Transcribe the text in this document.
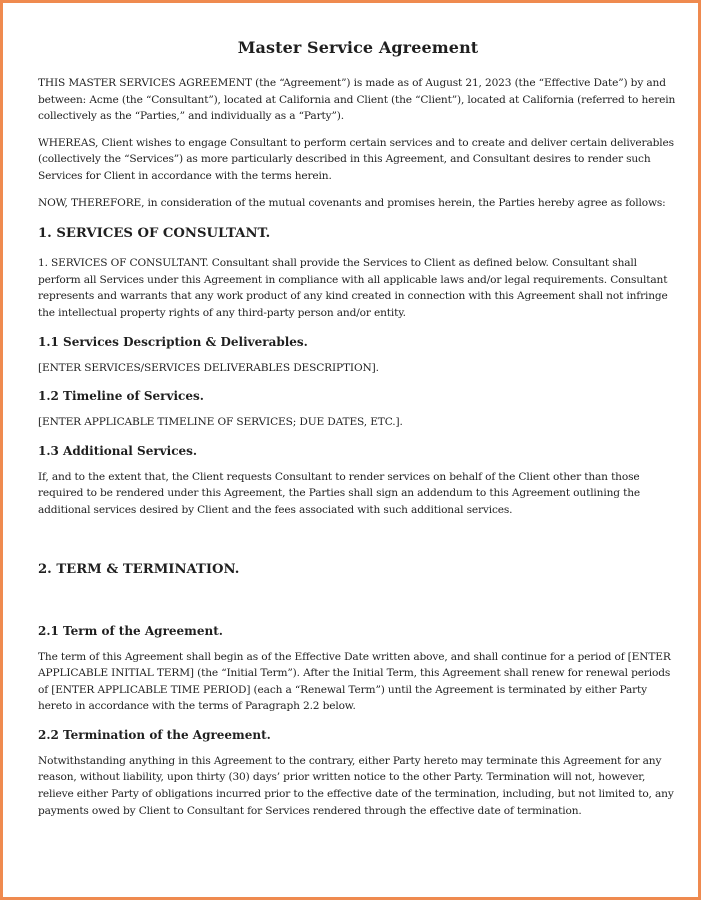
Master Service Agreement

THIS MASTER SERVICES AGREEMENT (the “Agreement”) is made as of August 21, 2023 (the “Effective Date”) by and between: Acme (the “Consultant”), located at California and Client (the “Client”), located at California (referred to herein collectively as the “Parties,” and individually as a “Party”).

WHEREAS, Client wishes to engage Consultant to perform certain services and to create and deliver certain deliverables (collectively the “Services”) as more particularly described in this Agreement, and Consultant desires to render such Services for Client in accordance with the terms herein.

NOW, THEREFORE, in consideration of the mutual covenants and promises herein, the Parties hereby agree as follows:

1. SERVICES OF CONSULTANT.

1. SERVICES OF CONSULTANT. Consultant shall provide the Services to Client as defined below. Consultant shall perform all Services under this Agreement in compliance with all applicable laws and/or legal requirements. Consultant represents and warrants that any work product of any kind created in connection with this Agreement shall not infringe the intellectual property rights of any third-party person and/or entity.

1.1 Services Description & Deliverables.

[ENTER SERVICES/SERVICES DELIVERABLES DESCRIPTION].

1.2 Timeline of Services.

[ENTER APPLICABLE TIMELINE OF SERVICES; DUE DATES, ETC.].

1.3 Additional Services.

If, and to the extent that, the Client requests Consultant to render services on behalf of the Client other than those required to be rendered under this Agreement, the Parties shall sign an addendum to this Agreement outlining the additional services desired by Client and the fees associated with such additional services.

2. TERM & TERMINATION.
2.1 Term of the Agreement.

The term of this Agreement shall begin as of the Effective Date written above, and shall continue for a period of [ENTER APPLICABLE INITIAL TERM] (the “Initial Term”). After the Initial Term, this Agreement shall renew for renewal periods of [ENTER APPLICABLE TIME PERIOD] (each a “Renewal Term”) until the Agreement is terminated by either Party hereto in accordance with the terms of Paragraph 2.2 below.

2.2 Termination of the Agreement.

Notwithstanding anything in this Agreement to the contrary, either Party hereto may terminate this Agreement for any reason, without liability, upon thirty (30) days’ prior written notice to the other Party. Termination will not, however, relieve either Party of obligations incurred prior to the effective date of the termination, including, but not limited to, any payments owed by Client to Consultant for Services rendered through the effective date of termination.
